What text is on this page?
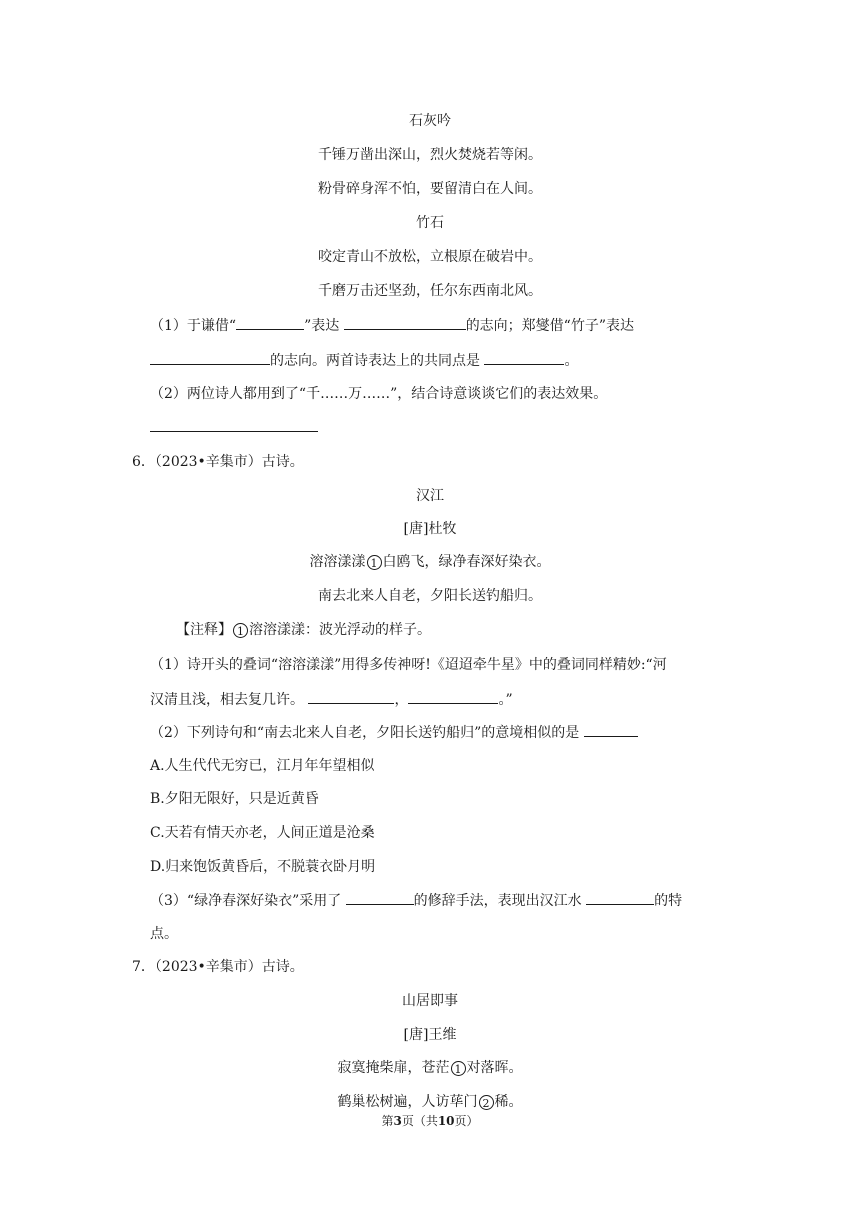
石灰吟
千锤万凿出深山，烈火焚烧若等闲。
粉骨碎身浑不怕，要留清白在人间。
竹石
咬定青山不放松，立根原在破岩中。
千磨万击还坚劲，任尔东西南北风。
（1）于谦借“	”表达	的志向；郑燮借“竹子”表达
的志向。两首诗表达上的共同点是	。
（2）两位诗人都用到了“千……万……”，结合诗意谈谈它们的表达效果。
6．（2023•辛集市）古诗。
汉江
[唐]杜牧
溶溶漾漾 1 白鸥飞，绿净春深好染衣。
南去北来人自老，夕阳长送钓船归。
【注释】 1 溶溶漾漾：波光浮动的样子。
（1）诗开头的叠词“溶溶漾漾”用得多传神呀!《迢迢牵牛星》中的叠词同样精妙:“河
汉清且浅，相去复几许。	，	。”
（2）下列诗句和“南去北来人自老，夕阳长送钓船归”的意境相似的是
A.人生代代无穷已，江月年年望相似
B.夕阳无限好，只是近黄昏
C.天若有情天亦老，人间正道是沧桑
D.归来饱饭黄昏后，不脱蓑衣卧月明
（3）“绿净春深好染衣”采用了	的修辞手法，表现出汉江水	的特
点。
7．（2023•辛集市）古诗。
山居即事
[唐]王维
寂寞掩柴扉，苍茫 1 对落晖。
鹤巢松树遍，人访荜门 2 稀。
第3页（共10页）
